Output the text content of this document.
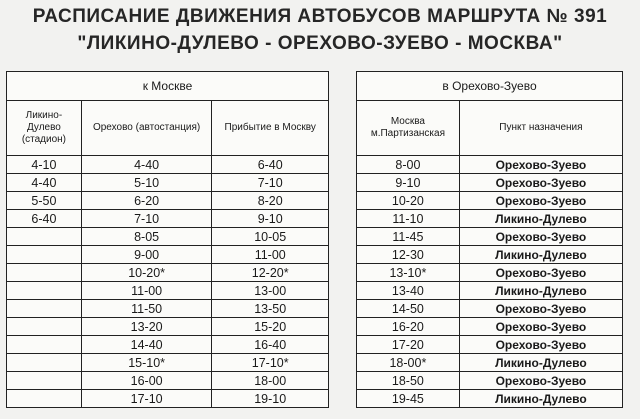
РАСПИСАНИЕ ДВИЖЕНИЯ АВТОБУСОВ МАРШРУТА № 391
"ЛИКИНО-ДУЛЕВО - ОРЕХОВО-ЗУЕВО - МОСКВА"
к Москве		
Ликино-Дулево (стадион)	Орехово (автостанция)	Прибытие в Москву
4-10	4-40	6-40
4-40	5-10	7-10
5-50	6-20	8-20
6-40	7-10	9-10
	8-05	10-05
	9-00	11-00
	10-20*	12-20*
	11-00	13-00
	11-50	13-50
	13-20	15-20
	14-40	16-40
	15-10*	17-10*
	16-00	18-00
	17-10	19-10
в Орехово-Зуево	
Москва м.Партизанская	Пункт назначения
8-00	Орехово-Зуево
9-10	Орехово-Зуево
10-20	Орехово-Зуево
11-10	Ликино-Дулево
11-45	Орехово-Зуево
12-30	Ликино-Дулево
13-10*	Орехово-Зуево
13-40	Ликино-Дулево
14-50	Орехово-Зуево
16-20	Орехово-Зуево
17-20	Орехово-Зуево
18-00*	Ликино-Дулево
18-50	Орехово-Зуево
19-45	Ликино-Дулево
